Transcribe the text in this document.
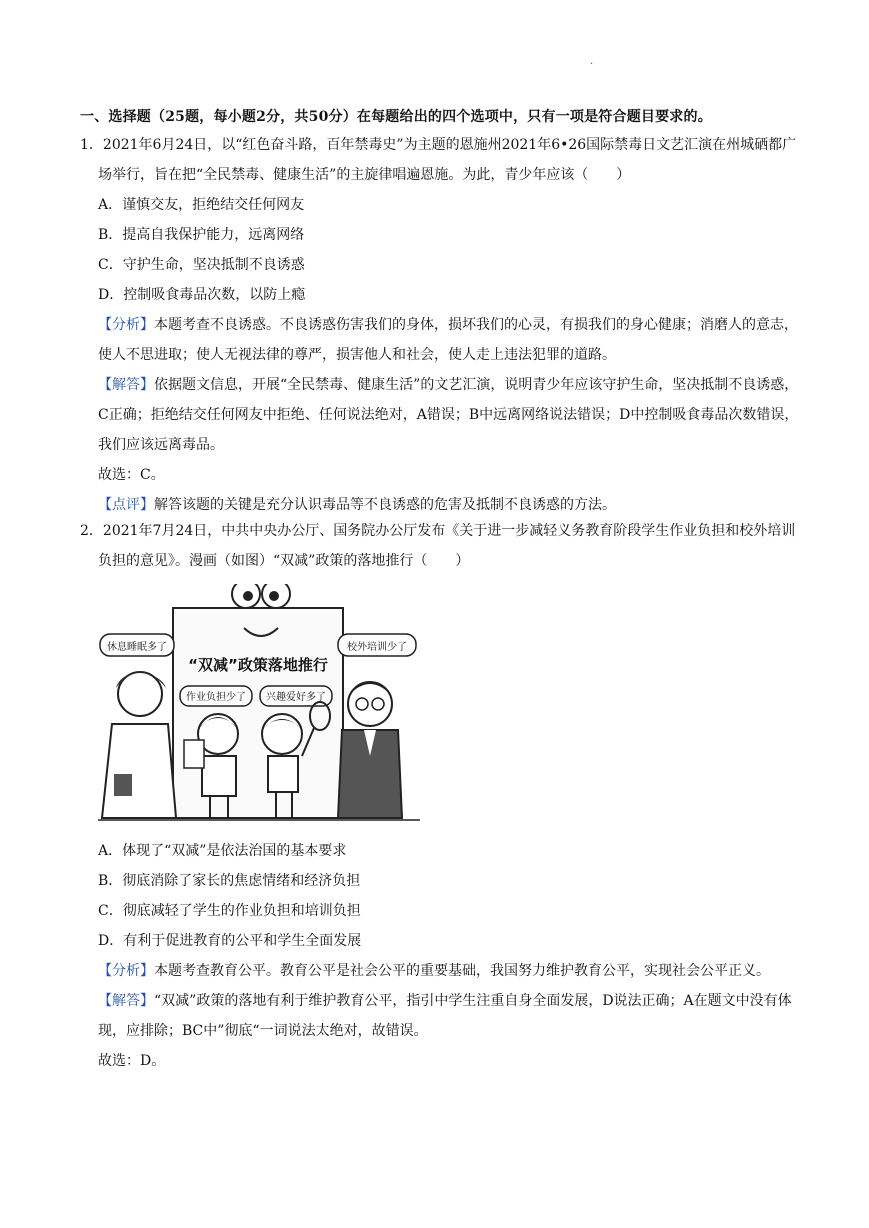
.
一、选择题（25题，每小题2分，共50分）在每题给出的四个选项中，只有一项是符合题目要求的。
1．2021年6月24日，以“红色奋斗路，百年禁毒史”为主题的恩施州2021年6•26国际禁毒日文艺汇演在州城硒都广场举行，旨在把“全民禁毒、健康生活”的主旋律唱遍恩施。为此，青少年应该（　　）
A．谨慎交友，拒绝结交任何网友
B．提高自我保护能力，远离网络
C．守护生命，坚决抵制不良诱惑
D．控制吸食毒品次数，以防上瘾
【分析】本题考查不良诱惑。不良诱惑伤害我们的身体，损坏我们的心灵，有损我们的身心健康；消磨人的意志，使人不思进取；使人无视法律的尊严，损害他人和社会，使人走上违法犯罪的道路。
【解答】依据题文信息，开展“全民禁毒、健康生活”的文艺汇演，说明青少年应该守护生命，坚决抵制不良诱惑，C正确；拒绝结交任何网友中拒绝、任何说法绝对，A错误；B中远离网络说法错误；D中控制吸食毒品次数错误，我们应该远离毒品。
故选：C。
【点评】解答该题的关键是充分认识毒品等不良诱惑的危害及抵制不良诱惑的方法。
2．2021年7月24日，中共中央办公厅、国务院办公厅发布《关于进一步减轻义务教育阶段学生作业负担和校外培训负担的意见》。漫画（如图）“双减”政策的落地推行（　　）
“双减”政策落地推行
休息睡眠多了	校外培训少了
作业负担少了 兴趣爱好多了
A．体现了“双减”是依法治国的基本要求
B．彻底消除了家长的焦虑情绪和经济负担
C．彻底减轻了学生的作业负担和培训负担
D．有利于促进教育的公平和学生全面发展
【分析】本题考查教育公平。教育公平是社会公平的重要基础，我国努力维护教育公平，实现社会公平正义。
【解答】“双减”政策的落地有利于维护教育公平，指引中学生注重自身全面发展，D说法正确；A在题文中没有体现，应排除；BC中”彻底“一词说法太绝对，故错误。
故选：D。
